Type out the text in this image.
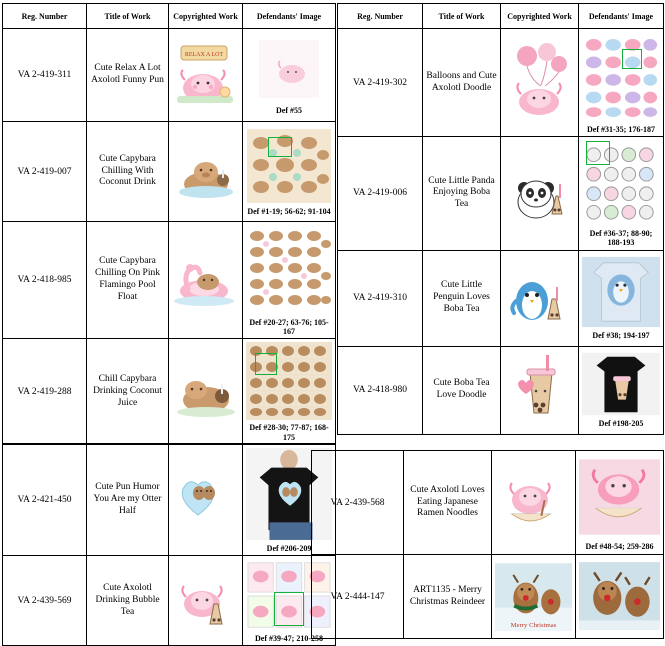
Reg. Number	Title of Work	Copyrighted Work	Defendants' Image
VA 2-419-311	Cute Relax A Lot Axolotl Funny Pun	RELAX A LOT	Def #55

VA 2-419-007	Cute Capybara Chilling With Coconut Drink		Def #1-19; 56-62; 91-104

VA 2-418-985	Cute Capybara Chilling On Pink Flamingo Pool Float		Def #20-27; 63-76; 105-167

VA 2-419-288	Chill Capybara Drinking Coconut Juice		Def #28-30; 77-87; 168-175
Reg. Number	Title of Work	Copyrighted Work	Defendants' Image
VA 2-419-302	Balloons and Cute Axolotl Doodle		Def #31-35; 176-187

VA 2-419-006	Cute Little Panda Enjoying Boba Tea		Def #36-37; 88-90; 188-193

VA 2-419-310	Cute Little Penguin Loves Boba Tea		Def #38; 194-197

VA 2-418-980	Cute Boba Tea Love Doodle		Def #198-205
VA 2-421-450	Cute Pun Humor You Are my Otter Half		Def #206-209

VA 2-439-569	Cute Axolotl Drinking Bubble Tea		Def #39-47; 210-258
VA 2-439-568	Cute Axolotl Loves Eating Japanese Ramen Noodles		Def #48-54; 259-286

VA 2-444-147	ART1135 - Merry Christmas Reindeer	Merry Christmas
